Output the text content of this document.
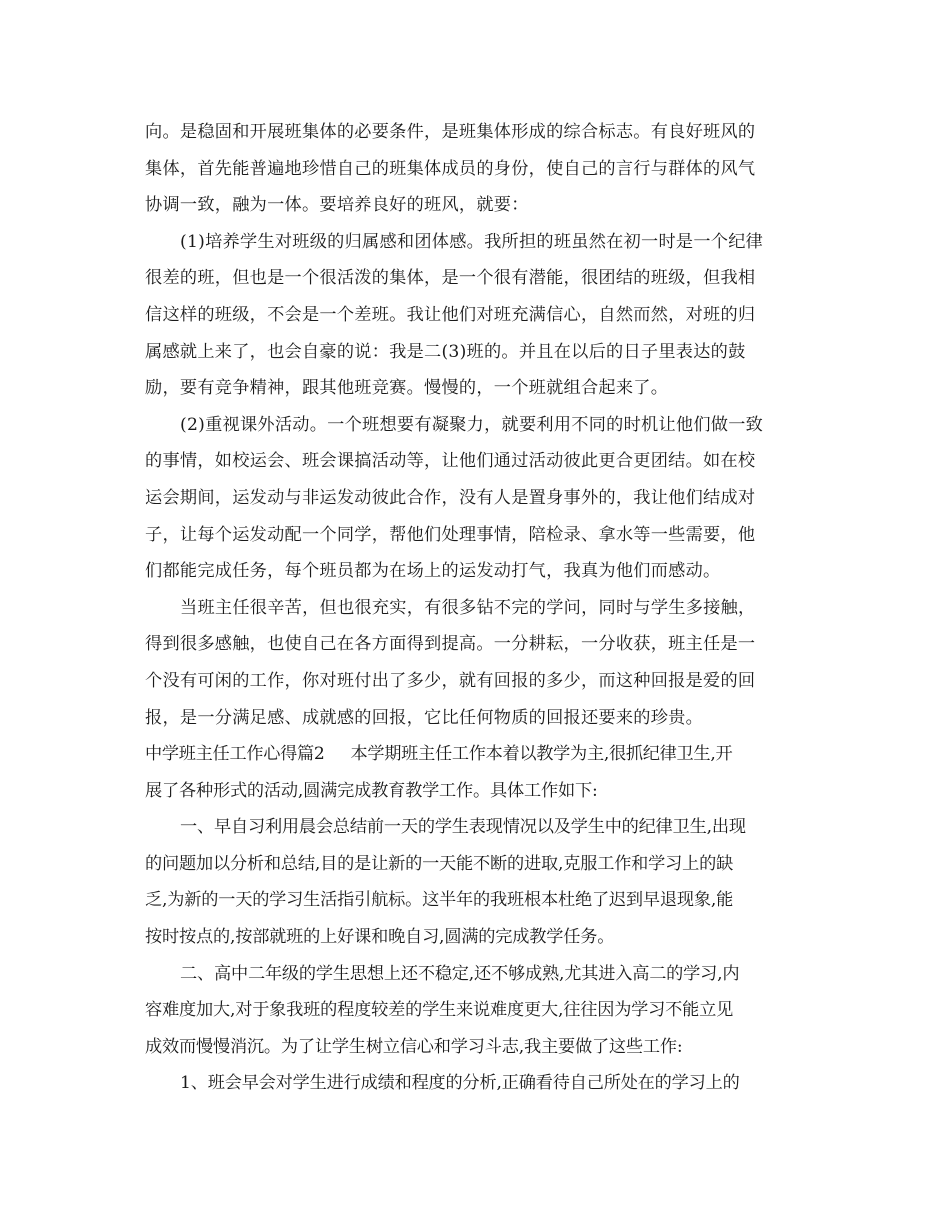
向。是稳固和开展班集体的必要条件，是班集体形成的综合标志。有良好班风的
集体，首先能普遍地珍惜自己的班集体成员的身份，使自己的言行与群体的风气
协调一致，融为一体。要培养良好的班风，就要：
(1)培养学生对班级的归属感和团体感。我所担的班虽然在初一时是一个纪律
很差的班，但也是一个很活泼的集体，是一个很有潜能，很团结的班级，但我相
信这样的班级，不会是一个差班。我让他们对班充满信心，自然而然，对班的归
属感就上来了，也会自豪的说：我是二(3)班的。并且在以后的日子里表达的鼓
励，要有竞争精神，跟其他班竞赛。慢慢的，一个班就组合起来了。
(2)重视课外活动。一个班想要有凝聚力，就要利用不同的时机让他们做一致
的事情，如校运会、班会课搞活动等，让他们通过活动彼此更合更团结。如在校
运会期间，运发动与非运发动彼此合作，没有人是置身事外的，我让他们结成对
子，让每个运发动配一个同学，帮他们处理事情，陪检录、拿水等一些需要，他
们都能完成任务，每个班员都为在场上的运发动打气，我真为他们而感动。
当班主任很辛苦，但也很充实，有很多钻不完的学问，同时与学生多接触，
得到很多感触，也使自己在各方面得到提高。一分耕耘，一分收获，班主任是一
个没有可闲的工作，你对班付出了多少，就有回报的多少，而这种回报是爱的回
报，是一分满足感、成就感的回报，它比任何物质的回报还要来的珍贵。
中学班主任工作心得篇2 本学期班主任工作本着以教学为主,很抓纪律卫生,开
展了各种形式的活动,圆满完成教育教学工作。具体工作如下:
一、早自习利用晨会总结前一天的学生表现情况以及学生中的纪律卫生,出现
的问题加以分析和总结,目的是让新的一天能不断的进取,克服工作和学习上的缺
乏,为新的一天的学习生活指引航标。这半年的我班根本杜绝了迟到早退现象,能
按时按点的,按部就班的上好课和晚自习,圆满的完成教学任务。
二、高中二年级的学生思想上还不稳定,还不够成熟,尤其进入高二的学习,内
容难度加大,对于象我班的程度较差的学生来说难度更大,往往因为学习不能立见
成效而慢慢消沉。为了让学生树立信心和学习斗志,我主要做了这些工作:
1、班会早会对学生进行成绩和程度的分析,正确看待自己所处在的学习上的
